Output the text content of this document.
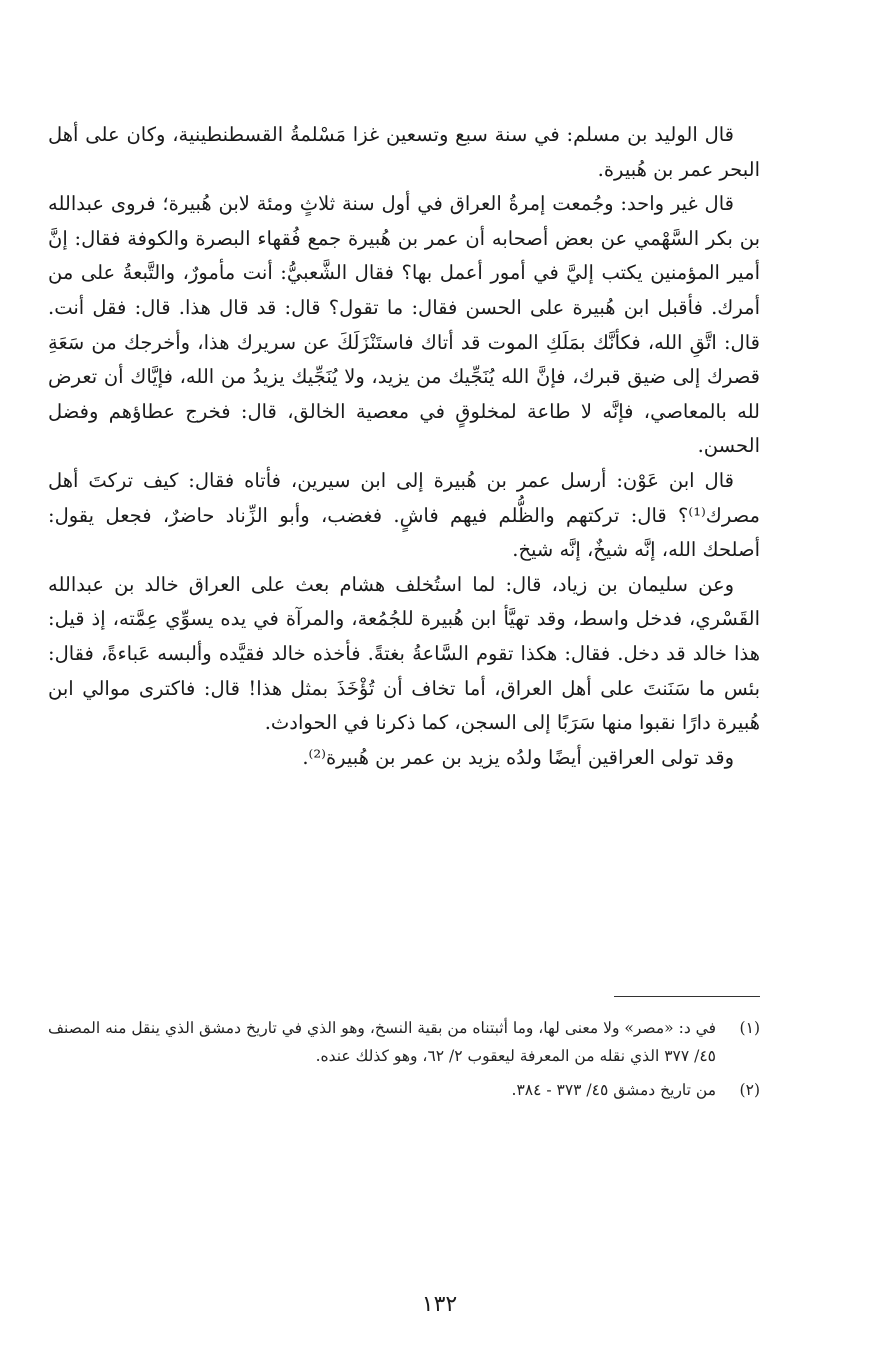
قال الوليد بن مسلم: في سنة سبع وتسعين غزا مَسْلمةُ القسطنطينية، وكان على أهل البحر عمر بن هُبيرة.

قال غير واحد: وجُمعت إمرةُ العراق في أول سنة ثلاثٍ ومئة لابن هُبيرة؛ فروى عبدالله بن بكر السَّهْمي عن بعض أصحابه أن عمر بن هُبيرة جمع فُقهاء البصرة والكوفة فقال: إنَّ أمير المؤمنين يكتب إليَّ في أمور أعمل بها؟ فقال الشَّعبيُّ: أنت مأمورٌ، والتَّبعةُ على من أمرك. فأقبل ابن هُبيرة على الحسن فقال: ما تقول؟ قال: قد قال هذا. قال: فقل أنت. قال: اتَّقِ الله، فكأنَّك بمَلَكِ الموت قد أتاك فاستَنْزَلَكَ عن سريرك هذا، وأخرجك من سَعَةِ قصرك إلى ضيق قبرك، فإنَّ الله يُنَجِّيك من يزيد، ولا يُنَجِّيك يزيدُ من الله، فإيَّاك أن تعرض لله بالمعاصي، فإنَّه لا طاعة لمخلوقٍ في معصية الخالق، قال: فخرج عطاؤهم وفضل الحسن.

قال ابن عَوْن: أرسل عمر بن هُبيرة إلى ابن سيرين، فأتاه فقال: كيف تركتَ أهل مصرك⁽¹⁾؟ قال: تركتهم والظُّلم فيهم فاشٍ. فغضب، وأبو الزِّناد حاضرٌ، فجعل يقول: أصلحك الله، إنَّه شيخٌ، إنَّه شيخ.

وعن سليمان بن زياد، قال: لما استُخلف هشام بعث على العراق خالد بن عبدالله القَسْري، فدخل واسط، وقد تهيَّأ ابن هُبيرة للجُمُعة، والمرآة في يده يسوِّي عِمَّته، إذ قيل: هذا خالد قد دخل. فقال: هكذا تقوم السَّاعةُ بغتةً. فأخذه خالد فقيَّده وألبسه عَباءةً، فقال: بئس ما سَنَنتَ على أهل العراق، أما تخاف أن تُؤْخَذَ بمثل هذا! قال: فاكترى موالي ابن هُبيرة دارًا نقبوا منها سَرَبًا إلى السجن، كما ذكرنا في الحوادث.

وقد تولى العراقين أيضًا ولدُه يزيد بن عمر بن هُبيرة⁽²⁾.

(١)
في د: «مصر» ولا معنى لها، وما أثبتناه من بقية النسخ، وهو الذي في تاريخ دمشق الذي ينقل منه المصنف ٤٥/ ٣٧٧ الذي نقله من المعرفة ليعقوب ٢/ ٦٢، وهو كذلك عنده.
(٢)
من تاريخ دمشق ٤٥/ ٣٧٣ - ٣٨٤.
١٣٢
